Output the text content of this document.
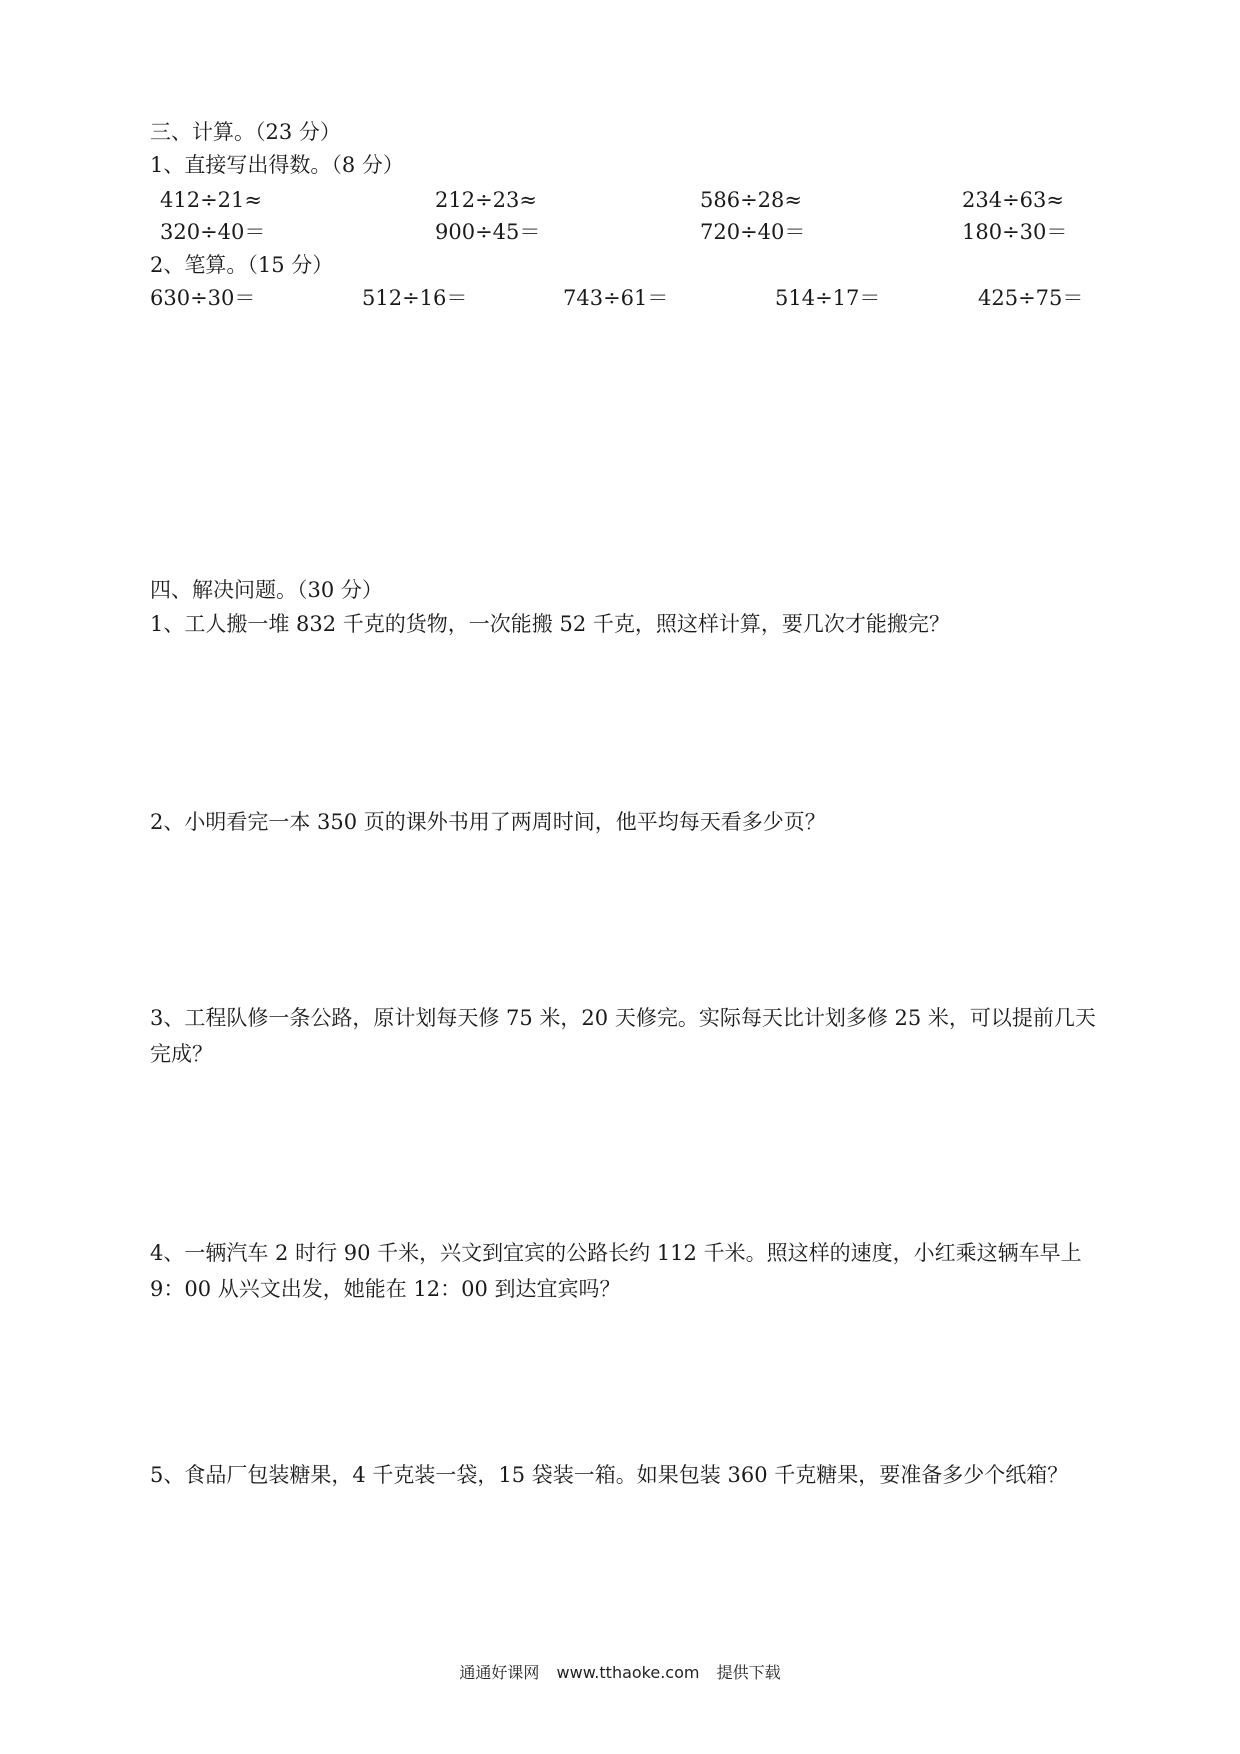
三、计算。（23 分）
1、直接写出得数。（8 分）
412÷21≈	212÷23≈	586÷28≈	234÷63≈
320÷40＝	900÷45＝	720÷40＝	180÷30＝
2、笔算。（15 分）
630÷30＝	512÷16＝	743÷61＝	514÷17＝	425÷75＝
四、解决问题。（30 分）

1、工人搬一堆 832 千克的货物，一次能搬 52 千克，照这样计算，要几次才能搬完？

2、小明看完一本 350 页的课外书用了两周时间，他平均每天看多少页？

3、工程队修一条公路，原计划每天修 75 米，20 天修完。实际每天比计划多修 25 米，可以提前几天完成？

4、一辆汽车 2 时行 90 千米，兴文到宜宾的公路长约 112 千米。照这样的速度，小红乘这辆车早上 9：00 从兴文出发，她能在 12：00 到达宜宾吗？

5、食品厂包装糖果，4 千克装一袋，15 袋装一箱。如果包装 360 千克糖果，要准备多少个纸箱？

通通好课网 www.tthaoke.com 提供下载
